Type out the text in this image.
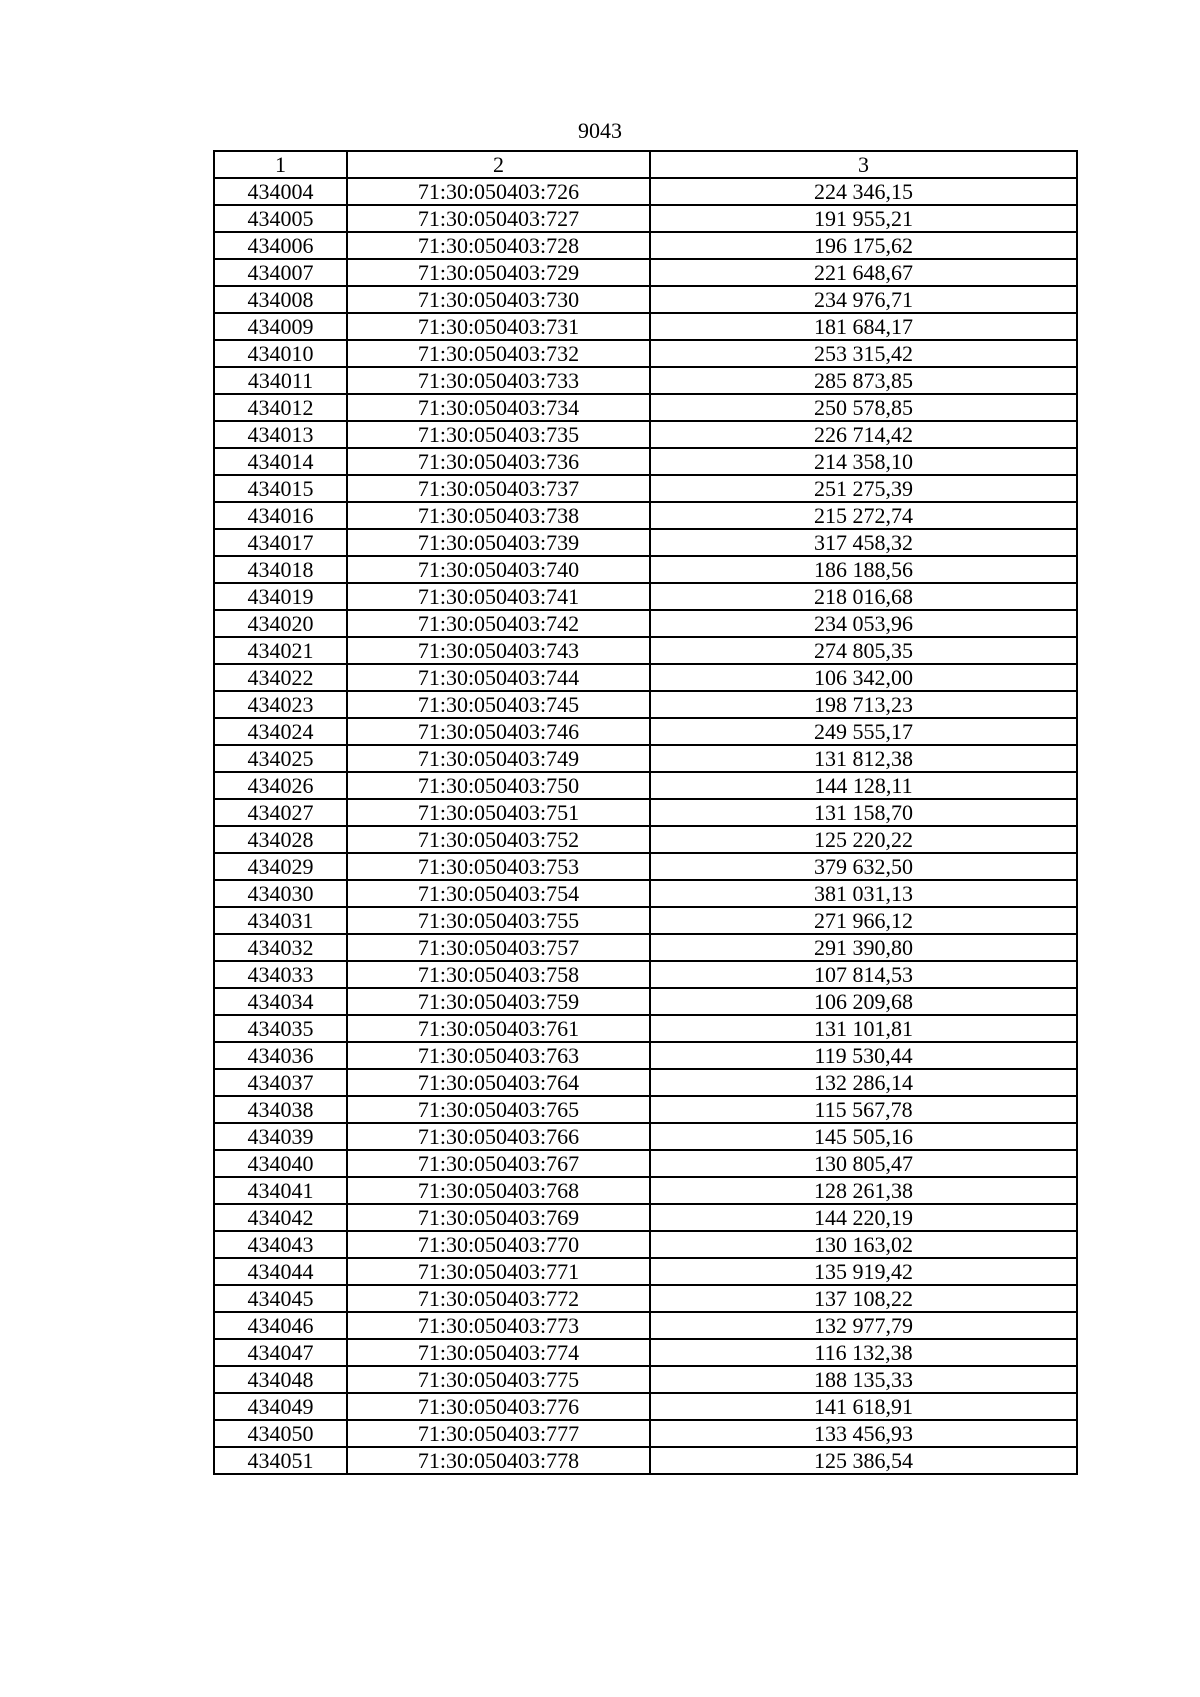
9043
1	2	3
434004	71:30:050403:726	224 346,15
434005	71:30:050403:727	191 955,21
434006	71:30:050403:728	196 175,62
434007	71:30:050403:729	221 648,67
434008	71:30:050403:730	234 976,71
434009	71:30:050403:731	181 684,17
434010	71:30:050403:732	253 315,42
434011	71:30:050403:733	285 873,85
434012	71:30:050403:734	250 578,85
434013	71:30:050403:735	226 714,42
434014	71:30:050403:736	214 358,10
434015	71:30:050403:737	251 275,39
434016	71:30:050403:738	215 272,74
434017	71:30:050403:739	317 458,32
434018	71:30:050403:740	186 188,56
434019	71:30:050403:741	218 016,68
434020	71:30:050403:742	234 053,96
434021	71:30:050403:743	274 805,35
434022	71:30:050403:744	106 342,00
434023	71:30:050403:745	198 713,23
434024	71:30:050403:746	249 555,17
434025	71:30:050403:749	131 812,38
434026	71:30:050403:750	144 128,11
434027	71:30:050403:751	131 158,70
434028	71:30:050403:752	125 220,22
434029	71:30:050403:753	379 632,50
434030	71:30:050403:754	381 031,13
434031	71:30:050403:755	271 966,12
434032	71:30:050403:757	291 390,80
434033	71:30:050403:758	107 814,53
434034	71:30:050403:759	106 209,68
434035	71:30:050403:761	131 101,81
434036	71:30:050403:763	119 530,44
434037	71:30:050403:764	132 286,14
434038	71:30:050403:765	115 567,78
434039	71:30:050403:766	145 505,16
434040	71:30:050403:767	130 805,47
434041	71:30:050403:768	128 261,38
434042	71:30:050403:769	144 220,19
434043	71:30:050403:770	130 163,02
434044	71:30:050403:771	135 919,42
434045	71:30:050403:772	137 108,22
434046	71:30:050403:773	132 977,79
434047	71:30:050403:774	116 132,38
434048	71:30:050403:775	188 135,33
434049	71:30:050403:776	141 618,91
434050	71:30:050403:777	133 456,93
434051	71:30:050403:778	125 386,54
